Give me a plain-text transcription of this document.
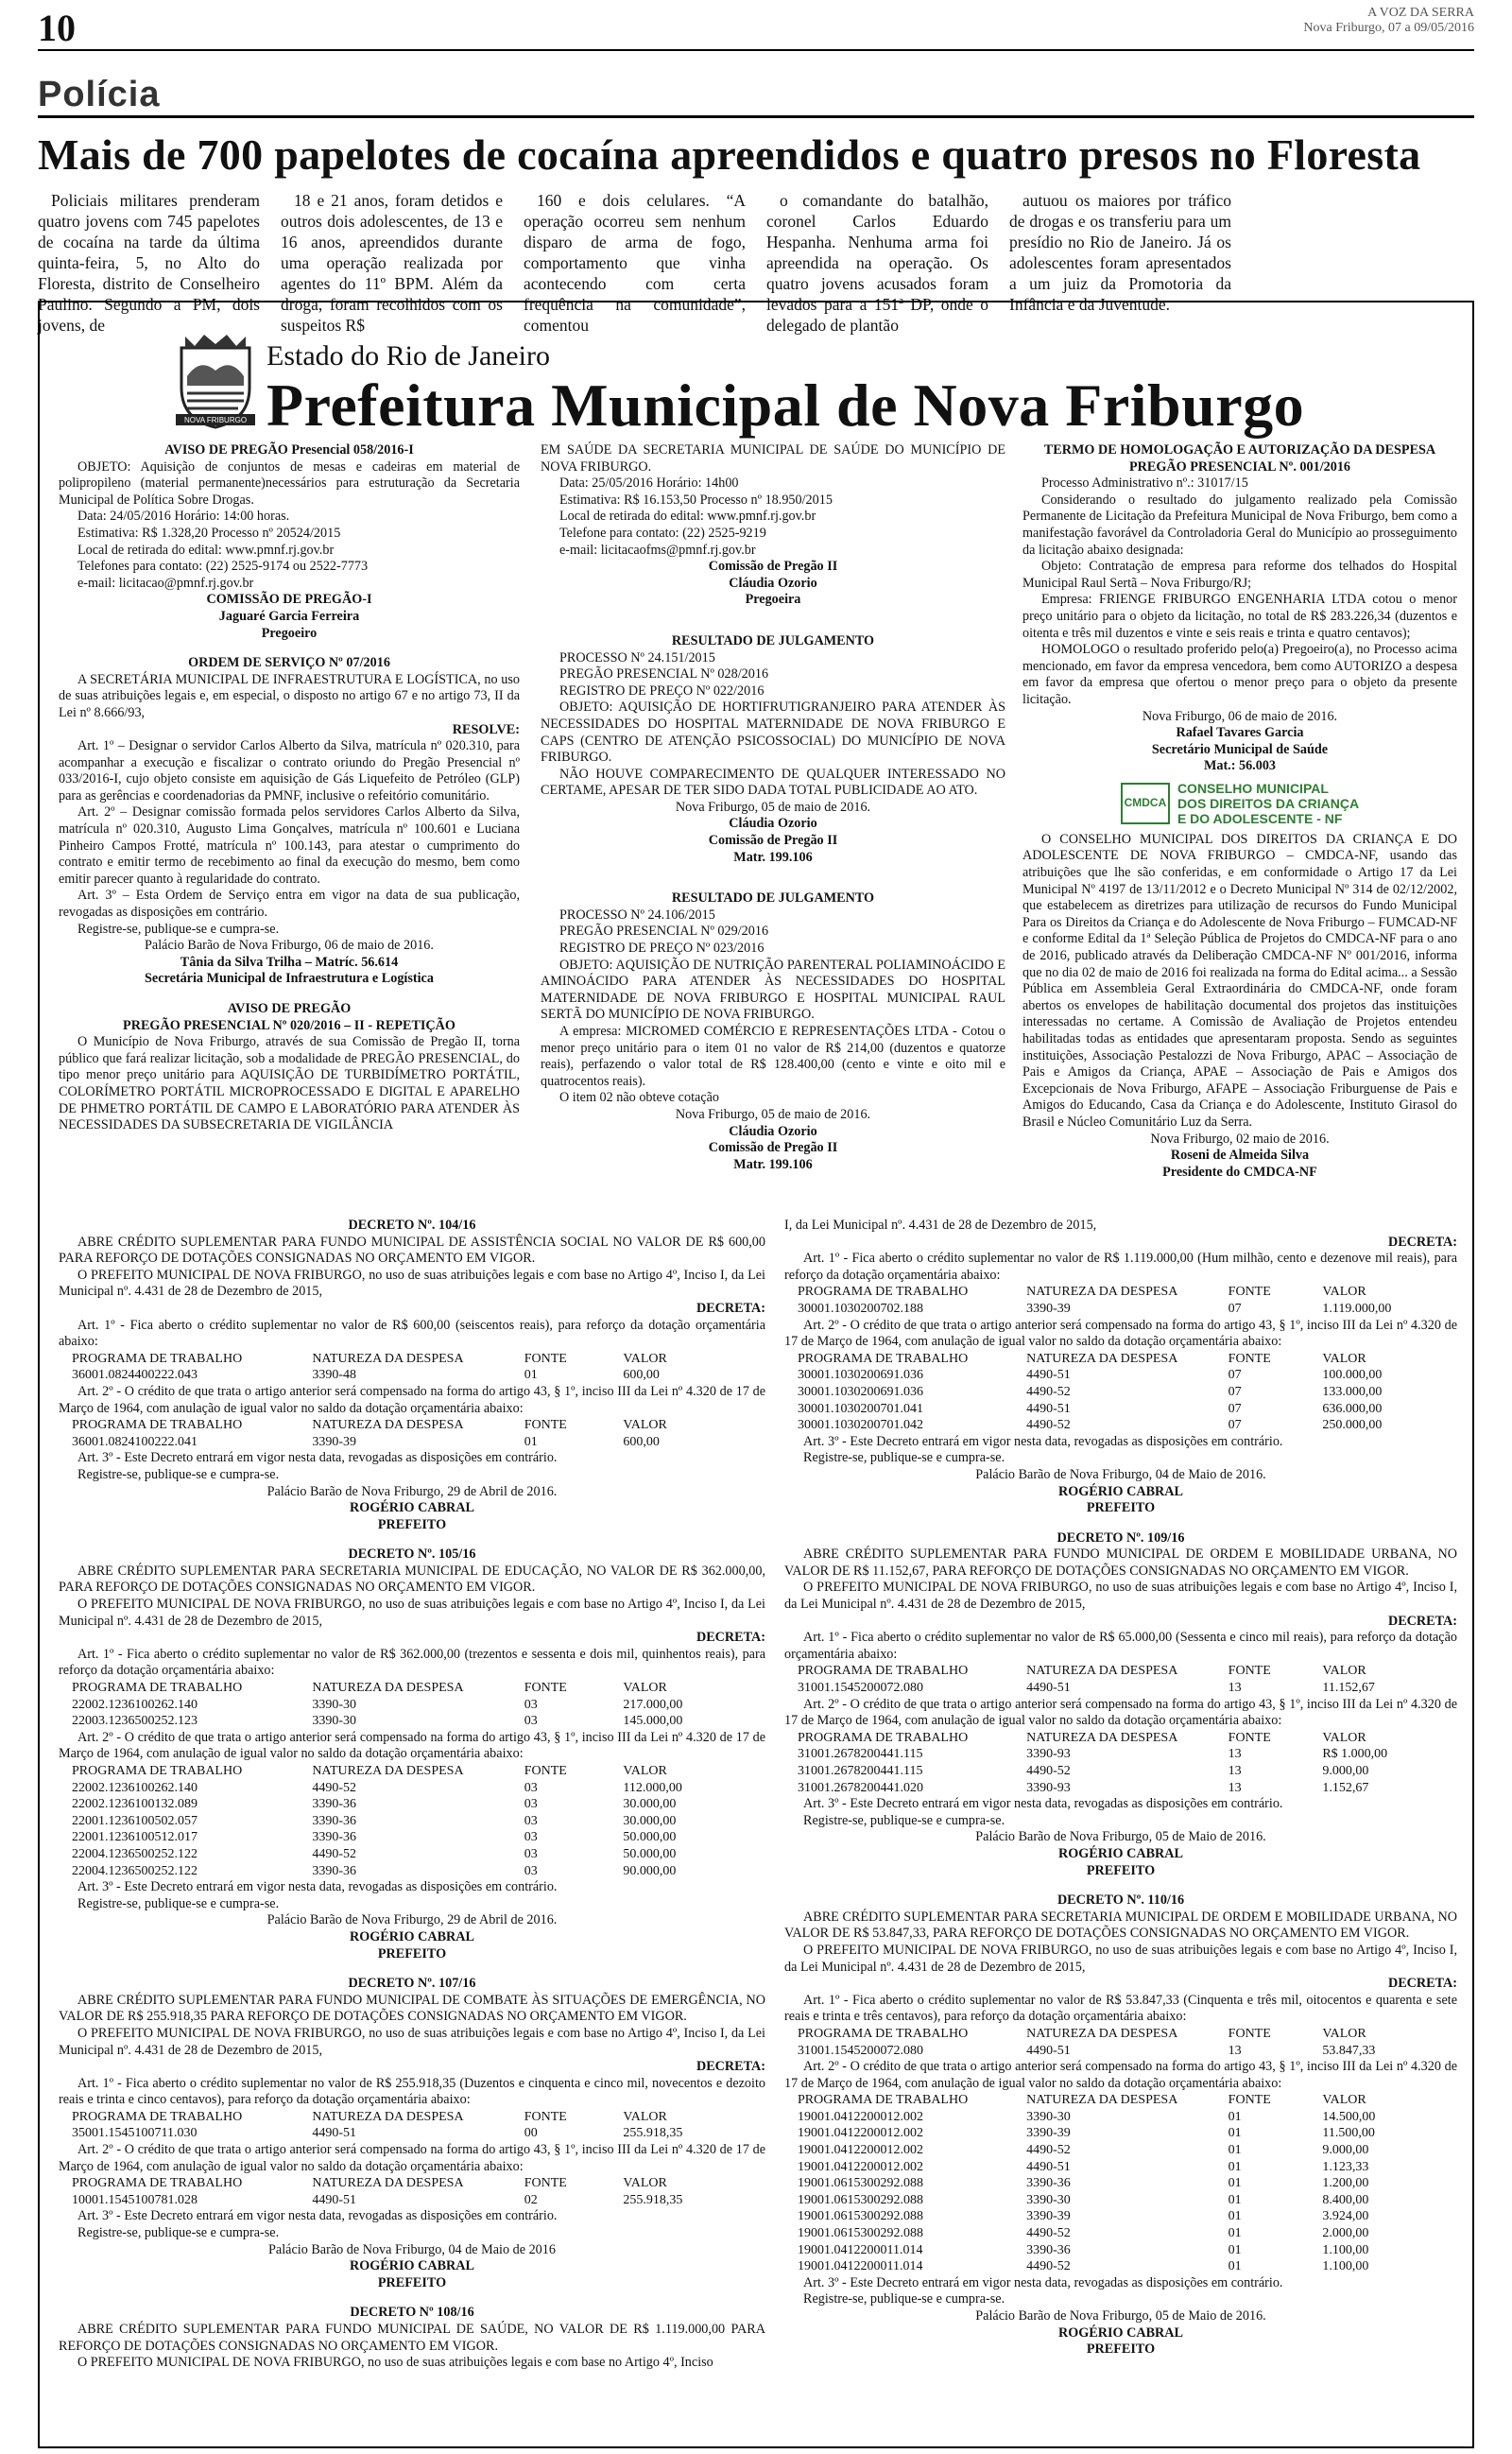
10	A VOZ DA SERRA
Nova Friburgo, 07 a 09/05/2016
Polícia
Mais de 700 papelotes de cocaína apreendidos e quatro presos no Floresta

Policiais militares prenderam quatro jovens com 745 papelotes de cocaína na tarde da última quinta-feira, 5, no Alto do Floresta, distrito de Conselheiro Paulino. Segundo a PM, dois jovens, de

18 e 21 anos, foram detidos e outros dois adolescentes, de 13 e 16 anos, apreendidos durante uma operação realizada por agentes do 11º BPM. Além da droga, foram recolhidos com os suspeitos R$

160 e dois celulares. “A operação ocorreu sem nenhum disparo de arma de fogo, comportamento que vinha acontecendo com certa frequência na comunidade”, comentou

o comandante do batalhão, coronel Carlos Eduardo Hespanha. Nenhuma arma foi apreendida na operação. Os quatro jovens acusados foram levados para a 151ª DP, onde o delegado de plantão

autuou os maiores por tráfico de drogas e os transferiu para um presídio no Rio de Janeiro. Já os adolescentes foram apresentados a um juiz da Promotoria da Infância e da Juventude.

NOVA FRIBURGO
Estado do Rio de Janeiro
Prefeitura Municipal de Nova Friburgo

AVISO DE PREGÃO Presencial 058/2016-I

OBJETO: Aquisição de conjuntos de mesas e cadeiras em material de polipropileno (material permanente)necessários para estruturação da Secretaria Municipal de Política Sobre Drogas.

Data: 24/05/2016 Horário: 14:00 horas.

Estimativa: R$ 1.328,20 Processo nº 20524/2015

Local de retirada do edital: www.pmnf.rj.gov.br

Telefones para contato: (22) 2525-9174 ou 2522-7773

e-mail: licitacao@pmnf.rj.gov.br

COMISSÃO DE PREGÃO-I

Jaguaré Garcia Ferreira

Pregoeiro

ORDEM DE SERVIÇO Nº 07/2016

A SECRETÁRIA MUNICIPAL DE INFRAESTRUTURA E LOGÍSTICA, no uso de suas atribuições legais e, em especial, o disposto no artigo 67 e no artigo 73, II da Lei nº 8.666/93,

RESOLVE:

Art. 1º – Designar o servidor Carlos Alberto da Silva, matrícula nº 020.310, para acompanhar a execução e fiscalizar o contrato oriundo do Pregão Presencial nº 033/2016-I, cujo objeto consiste em aquisição de Gás Liquefeito de Petróleo (GLP) para as gerências e coordenadorias da PMNF, inclusive o refeitório comunitário.

Art. 2º – Designar comissão formada pelos servidores Carlos Alberto da Silva, matrícula nº 020.310, Augusto Lima Gonçalves, matrícula nº 100.601 e Luciana Pinheiro Campos Frotté, matrícula nº 100.143, para atestar o cumprimento do contrato e emitir termo de recebimento ao final da execução do mesmo, bem como emitir parecer quanto à regularidade do contrato.

Art. 3º – Esta Ordem de Serviço entra em vigor na data de sua publicação, revogadas as disposições em contrário.

Registre-se, publique-se e cumpra-se.

Palácio Barão de Nova Friburgo, 06 de maio de 2016.

Tânia da Silva Trilha – Matríc. 56.614

Secretária Municipal de Infraestrutura e Logística

AVISO DE PREGÃO

PREGÃO PRESENCIAL Nº 020/2016 – II - REPETIÇÃO

O Município de Nova Friburgo, através de sua Comissão de Pregão II, torna público que fará realizar licitação, sob a modalidade de PREGÃO PRESENCIAL, do tipo menor preço unitário para AQUISIÇÃO DE TURBIDÍMETRO PORTÁTIL, COLORÍMETRO PORTÁTIL MICROPROCESSADO E DIGITAL E APARELHO DE PHMETRO PORTÁTIL DE CAMPO E LABORATÓRIO PARA ATENDER ÀS NECESSIDADES DA SUBSECRETARIA DE VIGILÂNCIA

EM SAÚDE DA SECRETARIA MUNICIPAL DE SAÚDE DO MUNICÍPIO DE NOVA FRIBURGO.

Data: 25/05/2016 Horário: 14h00

Estimativa: R$ 16.153,50 Processo nº 18.950/2015

Local de retirada do edital: www.pmnf.rj.gov.br

Telefone para contato: (22) 2525-9219

e-mail: licitacaofms@pmnf.rj.gov.br

Comissão de Pregão II

Cláudia Ozorio

Pregoeira

RESULTADO DE JULGAMENTO

PROCESSO Nº 24.151/2015

PREGÃO PRESENCIAL Nº 028/2016

REGISTRO DE PREÇO Nº 022/2016

OBJETO: AQUISIÇÃO DE HORTIFRUTIGRANJEIRO PARA ATENDER ÀS NECESSIDADES DO HOSPITAL MATERNIDADE DE NOVA FRIBURGO E CAPS (CENTRO DE ATENÇÃO PSICOSSOCIAL) DO MUNICÍPIO DE NOVA FRIBURGO.

NÃO HOUVE COMPARECIMENTO DE QUALQUER INTERESSADO NO CERTAME, APESAR DE TER SIDO DADA TOTAL PUBLICIDADE AO ATO.

Nova Friburgo, 05 de maio de 2016.

Cláudia Ozorio

Comissão de Pregão II

Matr. 199.106

RESULTADO DE JULGAMENTO

PROCESSO Nº 24.106/2015

PREGÃO PRESENCIAL Nº 029/2016

REGISTRO DE PREÇO Nº 023/2016

OBJETO: AQUISIÇÃO DE NUTRIÇÃO PARENTERAL POLIAMINOÁCIDO E AMINOÁCIDO PARA ATENDER ÀS NECESSIDADES DO HOSPITAL MATERNIDADE DE NOVA FRIBURGO E HOSPITAL MUNICIPAL RAUL SERTÃ DO MUNICÍPIO DE NOVA FRIBURGO.

A empresa: MICROMED COMÉRCIO E REPRESENTAÇÕES LTDA - Cotou o menor preço unitário para o item 01 no valor de R$ 214,00 (duzentos e quatorze reais), perfazendo o valor total de R$ 128.400,00 (cento e vinte e oito mil e quatrocentos reais).

O item 02 não obteve cotação

Nova Friburgo, 05 de maio de 2016.

Cláudia Ozorio

Comissão de Pregão II

Matr. 199.106

TERMO DE HOMOLOGAÇÃO E AUTORIZAÇÃO DA DESPESA

PREGÃO PRESENCIAL Nº. 001/2016

Processo Administrativo nº.: 31017/15

Considerando o resultado do julgamento realizado pela Comissão Permanente de Licitação da Prefeitura Municipal de Nova Friburgo, bem como a manifestação favorável da Controladoria Geral do Município ao prosseguimento da licitação abaixo designada:

Objeto: Contratação de empresa para reforme dos telhados do Hospital Municipal Raul Sertã – Nova Friburgo/RJ;

Empresa: FRIENGE FRIBURGO ENGENHARIA LTDA cotou o menor preço unitário para o objeto da licitação, no total de R$ 283.226,34 (duzentos e oitenta e três mil duzentos e vinte e seis reais e trinta e quatro centavos);

HOMOLOGO o resultado proferido pelo(a) Pregoeiro(a), no Processo acima mencionado, em favor da empresa vencedora, bem como AUTORIZO a despesa em favor da empresa que ofertou o menor preço para o objeto da presente licitação.

Nova Friburgo, 06 de maio de 2016.

Rafael Tavares Garcia

Secretário Municipal de Saúde

Mat.: 56.003

CMDCA
CONSELHO MUNICIPAL
DOS DIREITOS DA CRIANÇA
E DO ADOLESCENTE - NF

O CONSELHO MUNICIPAL DOS DIREITOS DA CRIANÇA E DO ADOLESCENTE DE NOVA FRIBURGO – CMDCA-NF, usando das atribuições que lhe são conferidas, e em conformidade o Artigo 17 da Lei Municipal Nº 4197 de 13/11/2012 e o Decreto Municipal Nº 314 de 02/12/2002, que estabelecem as diretrizes para utilização de recursos do Fundo Municipal Para os Direitos da Criança e do Adolescente de Nova Friburgo – FUMCAD-NF e conforme Edital da 1ª Seleção Pública de Projetos do CMDCA-NF para o ano de 2016, publicado através da Deliberação CMDCA-NF Nº 001/2016, informa que no dia 02 de maio de 2016 foi realizada na forma do Edital acima... a Sessão Pública em Assembleia Geral Extraordinária do CMDCA-NF, onde foram abertos os envelopes de habilitação documental dos projetos das instituições interessadas no certame. A Comissão de Avaliação de Projetos entendeu habilitadas todas as entidades que apresentaram proposta. Sendo as seguintes instituições, Associação Pestalozzi de Nova Friburgo, APAC – Associação de Pais e Amigos da Criança, APAE – Associação de Pais e Amigos dos Excepcionais de Nova Friburgo, AFAPE – Associação Friburguense de Pais e Amigos do Educando, Casa da Criança e do Adolescente, Instituto Girasol do Brasil e Núcleo Comunitário Luz da Serra.

Nova Friburgo, 02 maio de 2016.

Roseni de Almeida Silva

Presidente do CMDCA-NF

DECRETO Nº. 104/16

ABRE CRÉDITO SUPLEMENTAR PARA FUNDO MUNICIPAL DE ASSISTÊNCIA SOCIAL NO VALOR DE R$ 600,00 PARA REFORÇO DE DOTAÇÕES CONSIGNADAS NO ORÇAMENTO EM VIGOR.

O PREFEITO MUNICIPAL DE NOVA FRIBURGO, no uso de suas atribuições legais e com base no Artigo 4º, Inciso I, da Lei Municipal nº. 4.431 de 28 de Dezembro de 2015,

DECRETA:

Art. 1º - Fica aberto o crédito suplementar no valor de R$ 600,00 (seiscentos reais), para reforço da dotação orçamentária abaixo:

PROGRAMA DE TRABALHO	NATUREZA DA DESPESA	FONTE	VALOR
36001.0824400222.043	3390-48	01	600,00

Art. 2º - O crédito de que trata o artigo anterior será compensado na forma do artigo 43, § 1º, inciso III da Lei nº 4.320 de 17 de Março de 1964, com anulação de igual valor no saldo da dotação orçamentária abaixo:

PROGRAMA DE TRABALHO	NATUREZA DA DESPESA	FONTE	VALOR
36001.0824100222.041	3390-39	01	600,00

Art. 3º - Este Decreto entrará em vigor nesta data, revogadas as disposições em contrário.

Registre-se, publique-se e cumpra-se.

Palácio Barão de Nova Friburgo, 29 de Abril de 2016.

ROGÉRIO CABRAL

PREFEITO

DECRETO Nº. 105/16

ABRE CRÉDITO SUPLEMENTAR PARA SECRETARIA MUNICIPAL DE EDUCAÇÃO, NO VALOR DE R$ 362.000,00, PARA REFORÇO DE DOTAÇÕES CONSIGNADAS NO ORÇAMENTO EM VIGOR.

O PREFEITO MUNICIPAL DE NOVA FRIBURGO, no uso de suas atribuições legais e com base no Artigo 4º, Inciso I, da Lei Municipal nº. 4.431 de 28 de Dezembro de 2015,

DECRETA:

Art. 1º - Fica aberto o crédito suplementar no valor de R$ 362.000,00 (trezentos e sessenta e dois mil, quinhentos reais), para reforço da dotação orçamentária abaixo:

PROGRAMA DE TRABALHO	NATUREZA DA DESPESA	FONTE	VALOR
22002.1236100262.140	3390-30	03	217.000,00
22003.1236500252.123	3390-30	03	145.000,00

Art. 2º - O crédito de que trata o artigo anterior será compensado na forma do artigo 43, § 1º, inciso III da Lei nº 4.320 de 17 de Março de 1964, com anulação de igual valor no saldo da dotação orçamentária abaixo:

PROGRAMA DE TRABALHO	NATUREZA DA DESPESA	FONTE	VALOR
22002.1236100262.140	4490-52	03	112.000,00
22002.1236100132.089	3390-36	03	30.000,00
22001.1236100502.057	3390-36	03	30.000,00
22001.1236100512.017	3390-36	03	50.000,00
22004.1236500252.122	4490-52	03	50.000,00
22004.1236500252.122	3390-36	03	90.000,00

Art. 3º - Este Decreto entrará em vigor nesta data, revogadas as disposições em contrário.

Registre-se, publique-se e cumpra-se.

Palácio Barão de Nova Friburgo, 29 de Abril de 2016.

ROGÉRIO CABRAL

PREFEITO

DECRETO Nº. 107/16

ABRE CRÉDITO SUPLEMENTAR PARA FUNDO MUNICIPAL DE COMBATE ÀS SITUAÇÕES DE EMERGÊNCIA, NO VALOR DE R$ 255.918,35 PARA REFORÇO DE DOTAÇÕES CONSIGNADAS NO ORÇAMENTO EM VIGOR.

O PREFEITO MUNICIPAL DE NOVA FRIBURGO, no uso de suas atribuições legais e com base no Artigo 4º, Inciso I, da Lei Municipal nº. 4.431 de 28 de Dezembro de 2015,

DECRETA:

Art. 1º - Fica aberto o crédito suplementar no valor de R$ 255.918,35 (Duzentos e cinquenta e cinco mil, novecentos e dezoito reais e trinta e cinco centavos), para reforço da dotação orçamentária abaixo:

PROGRAMA DE TRABALHO	NATUREZA DA DESPESA	FONTE	VALOR
35001.1545100711.030	4490-51	00	255.918,35

Art. 2º - O crédito de que trata o artigo anterior será compensado na forma do artigo 43, § 1º, inciso III da Lei nº 4.320 de 17 de Março de 1964, com anulação de igual valor no saldo da dotação orçamentária abaixo:

PROGRAMA DE TRABALHO	NATUREZA DA DESPESA	FONTE	VALOR
10001.1545100781.028	4490-51	02	255.918,35

Art. 3º - Este Decreto entrará em vigor nesta data, revogadas as disposições em contrário.

Registre-se, publique-se e cumpra-se.

Palácio Barão de Nova Friburgo, 04 de Maio de 2016

ROGÉRIO CABRAL

PREFEITO

DECRETO Nº 108/16

ABRE CRÉDITO SUPLEMENTAR PARA FUNDO MUNICIPAL DE SAÚDE, NO VALOR DE R$ 1.119.000,00 PARA REFORÇO DE DOTAÇÕES CONSIGNADAS NO ORÇAMENTO EM VIGOR.

O PREFEITO MUNICIPAL DE NOVA FRIBURGO, no uso de suas atribuições legais e com base no Artigo 4º, Inciso

I, da Lei Municipal nº. 4.431 de 28 de Dezembro de 2015,

DECRETA:

Art. 1º - Fica aberto o crédito suplementar no valor de R$ 1.119.000,00 (Hum milhão, cento e dezenove mil reais), para reforço da dotação orçamentária abaixo:

PROGRAMA DE TRABALHO	NATUREZA DA DESPESA	FONTE	VALOR
30001.1030200702.188	3390-39	07	1.119.000,00

Art. 2º - O crédito de que trata o artigo anterior será compensado na forma do artigo 43, § 1º, inciso III da Lei nº 4.320 de 17 de Março de 1964, com anulação de igual valor no saldo da dotação orçamentária abaixo:

PROGRAMA DE TRABALHO	NATUREZA DA DESPESA	FONTE	VALOR
30001.1030200691.036	4490-51	07	100.000,00
30001.1030200691.036	4490-52	07	133.000,00
30001.1030200701.041	4490-51	07	636.000,00
30001.1030200701.042	4490-52	07	250.000,00

Art. 3º - Este Decreto entrará em vigor nesta data, revogadas as disposições em contrário.

Registre-se, publique-se e cumpra-se.

Palácio Barão de Nova Friburgo, 04 de Maio de 2016.

ROGÉRIO CABRAL

PREFEITO

DECRETO Nº. 109/16

ABRE CRÉDITO SUPLEMENTAR PARA FUNDO MUNICIPAL DE ORDEM E MOBILIDADE URBANA, NO VALOR DE R$ 11.152,67, PARA REFORÇO DE DOTAÇÕES CONSIGNADAS NO ORÇAMENTO EM VIGOR.

O PREFEITO MUNICIPAL DE NOVA FRIBURGO, no uso de suas atribuições legais e com base no Artigo 4º, Inciso I, da Lei Municipal nº. 4.431 de 28 de Dezembro de 2015,

DECRETA:

Art. 1º - Fica aberto o crédito suplementar no valor de R$ 65.000,00 (Sessenta e cinco mil reais), para reforço da dotação orçamentária abaixo:

PROGRAMA DE TRABALHO	NATUREZA DA DESPESA	FONTE	VALOR
31001.1545200072.080	4490-51	13	11.152,67

Art. 2º - O crédito de que trata o artigo anterior será compensado na forma do artigo 43, § 1º, inciso III da Lei nº 4.320 de 17 de Março de 1964, com anulação de igual valor no saldo da dotação orçamentária abaixo:

PROGRAMA DE TRABALHO	NATUREZA DA DESPESA	FONTE	VALOR
31001.2678200441.115	3390-93	13	R$ 1.000,00
31001.2678200441.115	4490-52	13	9.000,00
31001.2678200441.020	3390-93	13	1.152,67

Art. 3º - Este Decreto entrará em vigor nesta data, revogadas as disposições em contrário.

Registre-se, publique-se e cumpra-se.

Palácio Barão de Nova Friburgo, 05 de Maio de 2016.

ROGÉRIO CABRAL

PREFEITO

DECRETO Nº. 110/16

ABRE CRÉDITO SUPLEMENTAR PARA SECRETARIA MUNICIPAL DE ORDEM E MOBILIDADE URBANA, NO VALOR DE R$ 53.847,33, PARA REFORÇO DE DOTAÇÕES CONSIGNADAS NO ORÇAMENTO EM VIGOR.

O PREFEITO MUNICIPAL DE NOVA FRIBURGO, no uso de suas atribuições legais e com base no Artigo 4º, Inciso I, da Lei Municipal nº. 4.431 de 28 de Dezembro de 2015,

DECRETA:

Art. 1º - Fica aberto o crédito suplementar no valor de R$ 53.847,33 (Cinquenta e três mil, oitocentos e quarenta e sete reais e trinta e três centavos), para reforço da dotação orçamentária abaixo:

PROGRAMA DE TRABALHO	NATUREZA DA DESPESA	FONTE	VALOR
31001.1545200072.080	4490-51	13	53.847,33

Art. 2º - O crédito de que trata o artigo anterior será compensado na forma do artigo 43, § 1º, inciso III da Lei nº 4.320 de 17 de Março de 1964, com anulação de igual valor no saldo da dotação orçamentária abaixo:

PROGRAMA DE TRABALHO	NATUREZA DA DESPESA	FONTE	VALOR
19001.0412200012.002	3390-30	01	14.500,00
19001.0412200012.002	3390-39	01	11.500,00
19001.0412200012.002	4490-52	01	9.000,00
19001.0412200012.002	4490-51	01	1.123,33
19001.0615300292.088	3390-36	01	1.200,00
19001.0615300292.088	3390-30	01	8.400,00
19001.0615300292.088	3390-39	01	3.924,00
19001.0615300292.088	4490-52	01	2.000,00
19001.0412200011.014	3390-36	01	1.100,00
19001.0412200011.014	4490-52	01	1.100,00

Art. 3º - Este Decreto entrará em vigor nesta data, revogadas as disposições em contrário.

Registre-se, publique-se e cumpra-se.

Palácio Barão de Nova Friburgo, 05 de Maio de 2016.

ROGÉRIO CABRAL

PREFEITO
